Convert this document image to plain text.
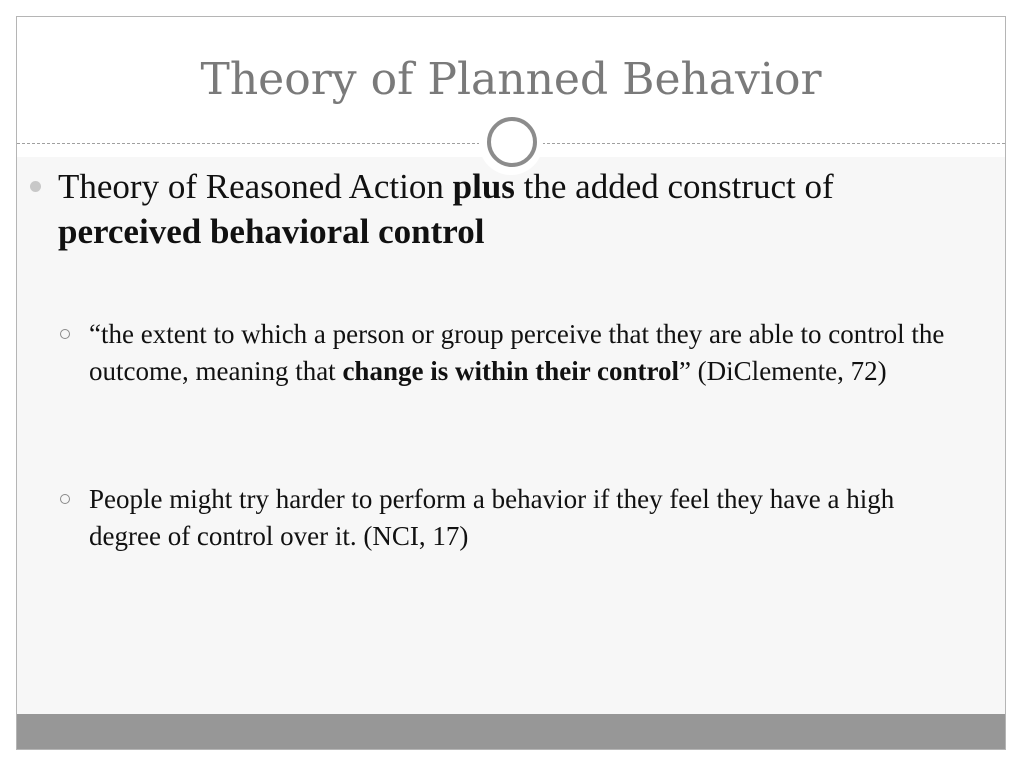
Theory of Planned Behavior
Theory of Reasoned Action plus the added construct of perceived behavioral control
“the extent to which a person or group perceive that they are able to control the outcome, meaning that change is within their control” (DiClemente, 72)
People might try harder to perform a behavior if they feel they have a high degree of control over it. (NCI, 17)
